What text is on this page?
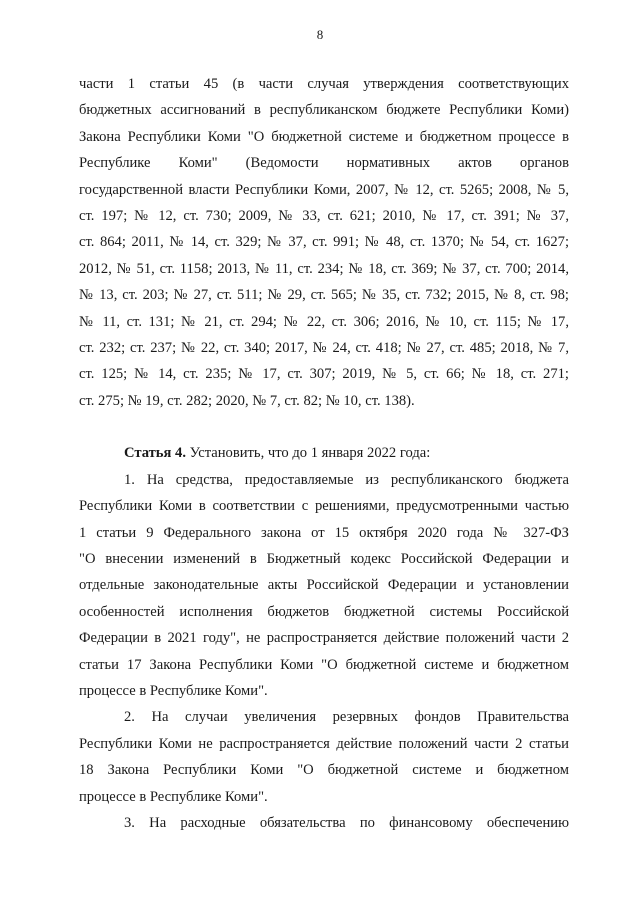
8
части 1 статьи 45 (в части случая утверждения соответствующих
бюджетных ассигнований в республиканском бюджете Республики Коми)
Закона Республики Коми "О бюджетной системе и бюджетном процессе в
Республике Коми" (Ведомости нормативных актов органов
государственной власти Республики Коми, 2007, № 12, ст. 5265; 2008, № 5,
ст. 197; № 12, ст. 730; 2009, № 33, ст. 621; 2010, № 17, ст. 391; № 37,
ст. 864; 2011, № 14, ст. 329; № 37, ст. 991; № 48, ст. 1370; № 54, ст. 1627;
2012, № 51, ст. 1158; 2013, № 11, ст. 234; № 18, ст. 369; № 37, ст. 700; 2014,
№ 13, ст. 203; № 27, ст. 511; № 29, ст. 565; № 35, ст. 732; 2015, № 8, ст. 98;
№ 11, ст. 131; № 21, ст. 294; № 22, ст. 306; 2016, № 10, ст. 115; № 17,
ст. 232; ст. 237; № 22, ст. 340; 2017, № 24, ст. 418; № 27, ст. 485; 2018, № 7,
ст. 125; № 14, ст. 235; № 17, ст. 307; 2019, № 5, ст. 66; № 18, ст. 271;
ст. 275; № 19, ст. 282; 2020, № 7, ст. 82; № 10, ст. 138).
Статья 4. Установить, что до 1 января 2022 года:
1. На средства, предоставляемые из республиканского бюджета
Республики Коми в соответствии с решениями, предусмотренными частью
1 статьи 9 Федерального закона от 15 октября 2020 года № 327-ФЗ
"О внесении изменений в Бюджетный кодекс Российской Федерации и
отдельные законодательные акты Российской Федерации и установлении
особенностей исполнения бюджетов бюджетной системы Российской
Федерации в 2021 году", не распространяется действие положений части 2
статьи 17 Закона Республики Коми "О бюджетной системе и бюджетном
процессе в Республике Коми".
2. На случаи увеличения резервных фондов Правительства
Республики Коми не распространяется действие положений части 2 статьи
18 Закона Республики Коми "О бюджетной системе и бюджетном
процессе в Республике Коми".
3. На расходные обязательства по финансовому обеспечению
